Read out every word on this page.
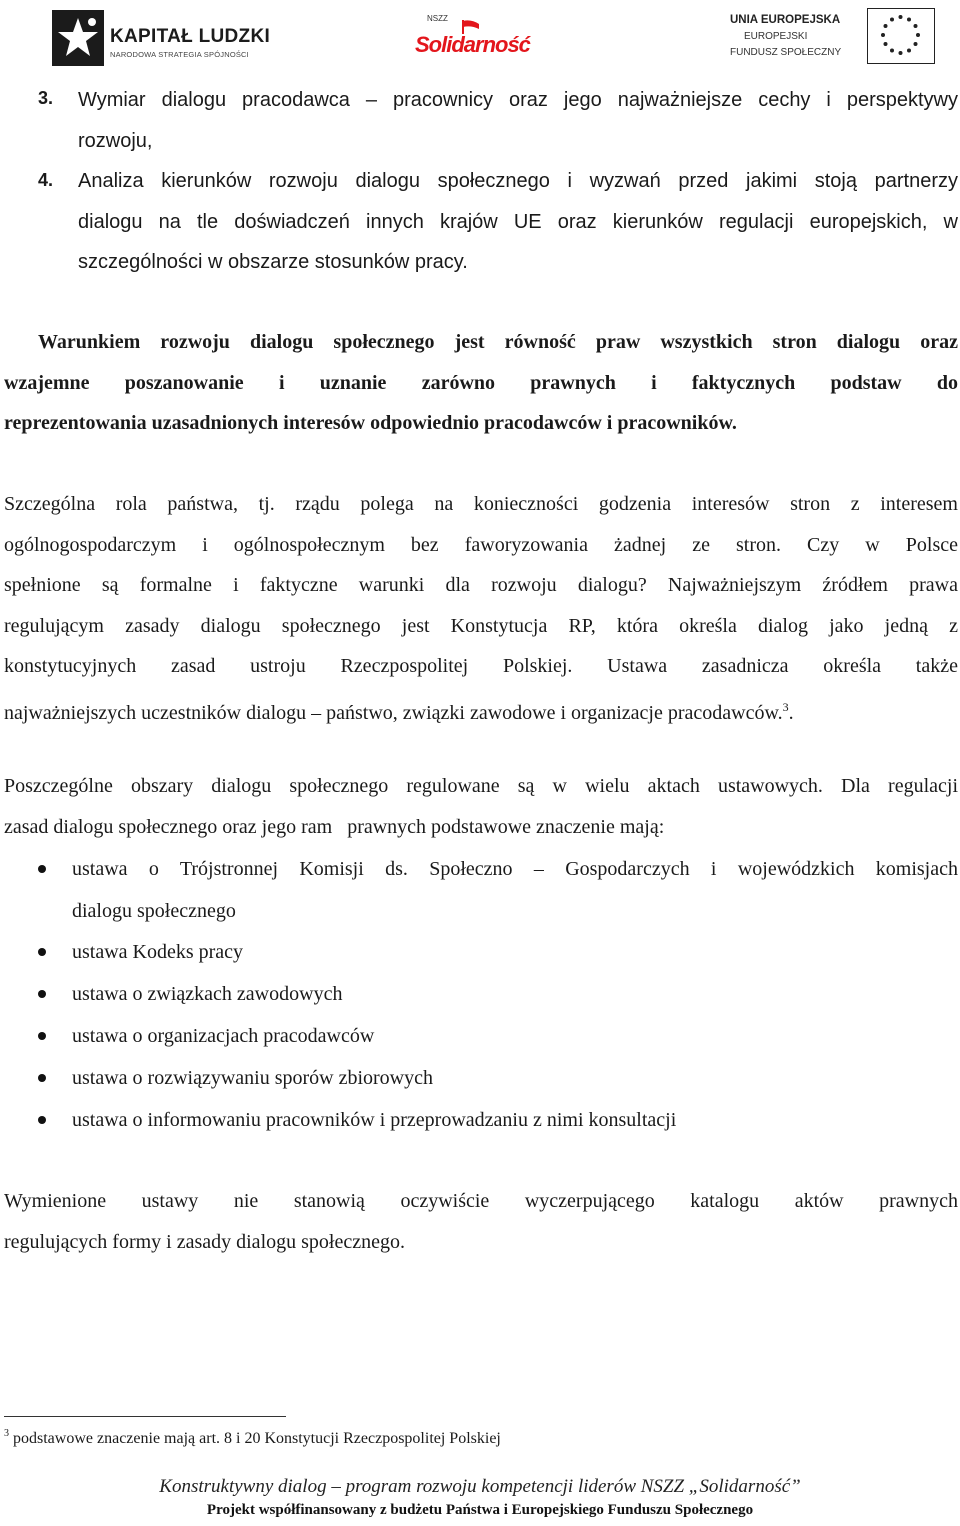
KAPITAŁ LUDZKI
NARODOWA STRATEGIA SPÓJNOŚCI
NSZZ
Solidarność
UNIA EUROPEJSKA
EUROPEJSKI
FUNDUSZ SPOŁECZNY
3. Wymiar dialogu pracodawca – pracownicy oraz jego najważniejsze cechy i perspektywy
rozwoju,
4. Analiza kierunków rozwoju dialogu społecznego i wyzwań przed jakimi stoją partnerzy
dialogu na tle doświadczeń innych krajów UE oraz kierunków regulacji europejskich, w
szczególności w obszarze stosunków pracy.
Warunkiem rozwoju dialogu społecznego jest równość praw wszystkich stron dialogu oraz
wzajemne poszanowanie i uznanie zarówno prawnych i faktycznych podstaw do
reprezentowania uzasadnionych interesów odpowiednio pracodawców i pracowników.
Szczególna rola państwa, tj. rządu polega na konieczności godzenia interesów stron z interesem
ogólnogospodarczym i ogólnospołecznym bez faworyzowania żadnej ze stron. Czy w Polsce
spełnione są formalne i faktyczne warunki dla rozwoju dialogu? Najważniejszym źródłem prawa
regulującym zasady dialogu społecznego jest Konstytucja RP, która określa dialog jako jedną z
konstytucyjnych zasad ustroju Rzeczpospolitej Polskiej. Ustawa zasadnicza określa także
najważniejszych uczestników dialogu – państwo, związki zawodowe i organizacje pracodawców.$^3$.
Poszczególne obszary dialogu społecznego regulowane są w wielu aktach ustawowych. Dla regulacji
zasad dialogu społecznego oraz jego ram   prawnych podstawowe znaczenie mają:
ustawa o Trójstronnej Komisji ds. Społeczno – Gospodarczych i wojewódzkich komisjach
dialogu społecznego
ustawa Kodeks pracy
ustawa o związkach zawodowych
ustawa o organizacjach pracodawców
ustawa o rozwiązywaniu sporów zbiorowych
ustawa o informowaniu pracowników i przeprowadzaniu z nimi konsultacji
Wymienione ustawy nie stanowią oczywiście wyczerpującego katalogu aktów prawnych
regulujących formy i zasady dialogu społecznego.
$^3$ podstawowe znaczenie mają art. 8 i 20 Konstytucji Rzeczpospolitej Polskiej
Konstruktywny dialog – program rozwoju kompetencji liderów NSZZ „Solidarność”
Projekt współfinansowany z budżetu Państwa i Europejskiego Funduszu Społecznego
